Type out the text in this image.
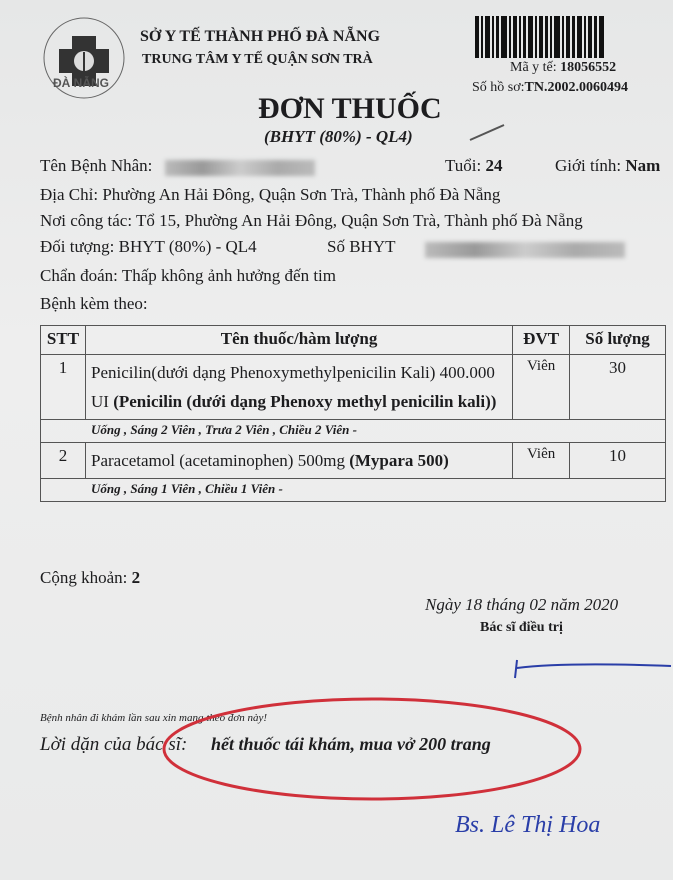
ĐÀ NẴNG
SỞ Y TẾ THÀNH PHỐ ĐÀ NẴNG
TRUNG TÂM Y TẾ QUẬN SƠN TRÀ
Mã y tế: 18056552
Số hồ sơ:TN.2002.0060494
ĐƠN THUỐC
(BHYT (80%) - QL4)
Tên Bệnh Nhân:	Tuổi: 24	Giới tính: Nam
Địa Chỉ: Phường An Hải Đông, Quận Sơn Trà, Thành phố Đà Nẵng
Nơi công tác: Tổ 15, Phường An Hải Đông, Quận Sơn Trà, Thành phố Đà Nẵng
Đối tượng: BHYT (80%) - QL4	Số BHYT
Chẩn đoán: Thấp không ảnh hưởng đến tim
Bệnh kèm theo:
STT	Tên thuốc/hàm lượng	ĐVT	Số lượng
1	Penicilin(dưới dạng Phenoxymethylpenicilin Kali) 400.000 UI (Penicilin (dưới dạng Phenoxy methyl penicilin kali))	Viên	30
Uống , Sáng 2 Viên , Trưa 2 Viên , Chiều 2 Viên -			
2	Paracetamol (acetaminophen) 500mg (Mypara 500)	Viên	10
Uống , Sáng 1 Viên , Chiều 1 Viên -			
Cộng khoản: 2
Ngày 18 tháng 02 năm 2020
Bác sĩ điều trị
Bệnh nhân đi khám lần sau xin mang theo đơn này!
Lời dặn của bác sĩ: hết thuốc tái khám, mua vở 200 trang
Bs. Lê Thị Hoa
